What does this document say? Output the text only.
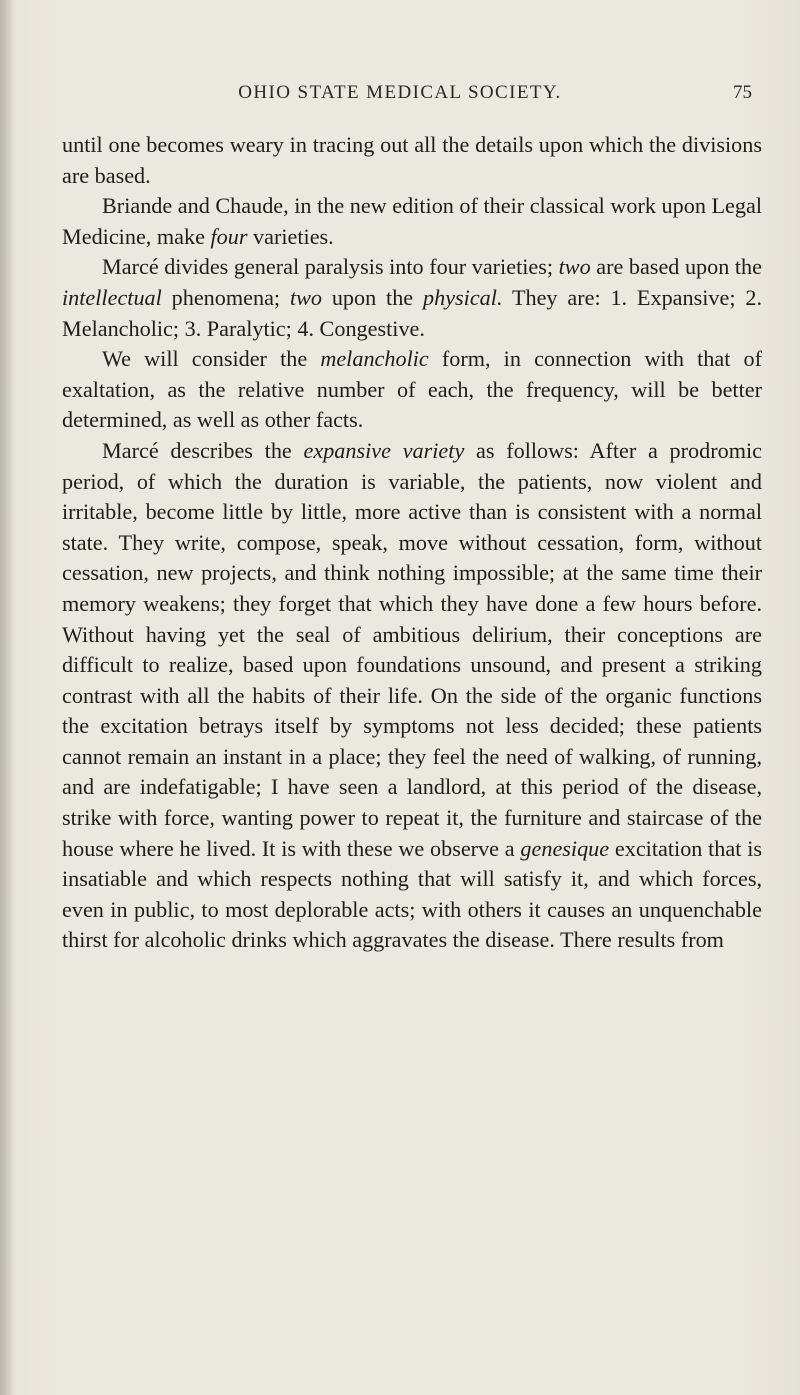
OHIO STATE MEDICAL SOCIETY.	75

until one becomes weary in tracing out all the details upon which the divisions are based.

Briande and Chaude, in the new edition of their classical work upon Legal Medicine, make four varieties.

Marcé divides general paralysis into four varieties; two are based upon the intellectual phenomena; two upon the physical. They are: 1. Expansive; 2. Melancholic; 3. Paralytic; 4. Congestive.

We will consider the melancholic form, in connection with that of exaltation, as the relative number of each, the frequency, will be better determined, as well as other facts.

Marcé describes the expansive variety as follows: After a prodromic period, of which the duration is variable, the patients, now violent and irritable, become little by little, more active than is consistent with a normal state. They write, compose, speak, move without cessation, form, without cessation, new projects, and think nothing impossible; at the same time their memory weakens; they forget that which they have done a few hours before. Without having yet the seal of ambitious delirium, their conceptions are difficult to realize, based upon foundations unsound, and present a striking contrast with all the habits of their life. On the side of the organic functions the excitation betrays itself by symptoms not less decided; these patients cannot remain an instant in a place; they feel the need of walking, of running, and are indefatigable; I have seen a landlord, at this period of the disease, strike with force, wanting power to repeat it, the furniture and staircase of the house where he lived. It is with these we observe a genesique excitation that is insatiable and which respects nothing that will satisfy it, and which forces, even in public, to most deplorable acts; with others it causes an unquenchable thirst for alcoholic drinks which aggravates the disease. There results from
